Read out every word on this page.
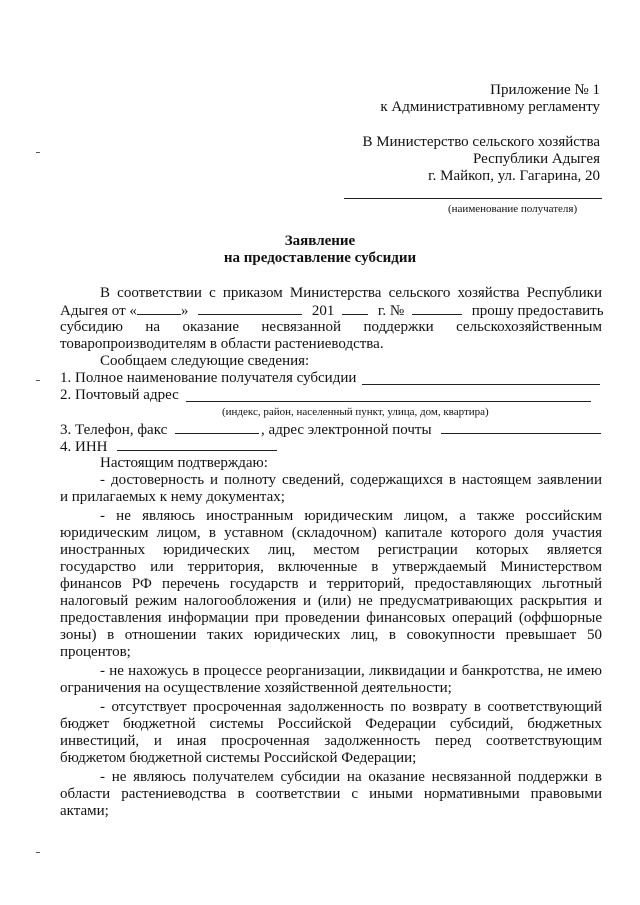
Приложение № 1
к Административному регламенту
В Министерство сельского хозяйства
Республики Адыгея
г. Майкоп, ул. Гагарина, 20
(наименование получателя)
Заявление
на предоставление субсидии
В соответствии с приказом Министерства сельского хозяйства Республики
Адыгея от «	»	201	г. №	прошу предоставить
субсидию на оказание несвязанной поддержки сельскохозяйственным
товаропроизводителям в области растениеводства.
Сообщаем следующие сведения:
1. Полное наименование получателя субсидии
2. Почтовый адрес
(индекс, район, населенный пункт, улица, дом, квартира)
3. Телефон, факс	, адрес электронной почты
4. ИНН
Настоящим подтверждаю:
- достоверность и полноту сведений, содержащихся в настоящем заявлении
и прилагаемых к нему документах;
- не являюсь иностранным юридическим лицом, а также российским
юридическим лицом, в уставном (складочном) капитале которого доля участия
иностранных юридических лиц, местом регистрации которых является
государство или территория, включенные в утверждаемый Министерством
финансов РФ перечень государств и территорий, предоставляющих льготный
налоговый режим налогообложения и (или) не предусматривающих раскрытия и
предоставления информации при проведении финансовых операций (оффшорные
зоны) в отношении таких юридических лиц, в совокупности превышает 50
процентов;
- не нахожусь в процессе реорганизации, ликвидации и банкротства, не имею
ограничения на осуществление хозяйственной деятельности;
- отсутствует просроченная задолженность по возврату в соответствующий
бюджет бюджетной системы Российской Федерации субсидий, бюджетных
инвестиций, и иная просроченная задолженность перед соответствующим
бюджетом бюджетной системы Российской Федерации;
- не являюсь получателем субсидии на оказание несвязанной поддержки в
области растениеводства в соответствии с иными нормативными правовыми
актами;
